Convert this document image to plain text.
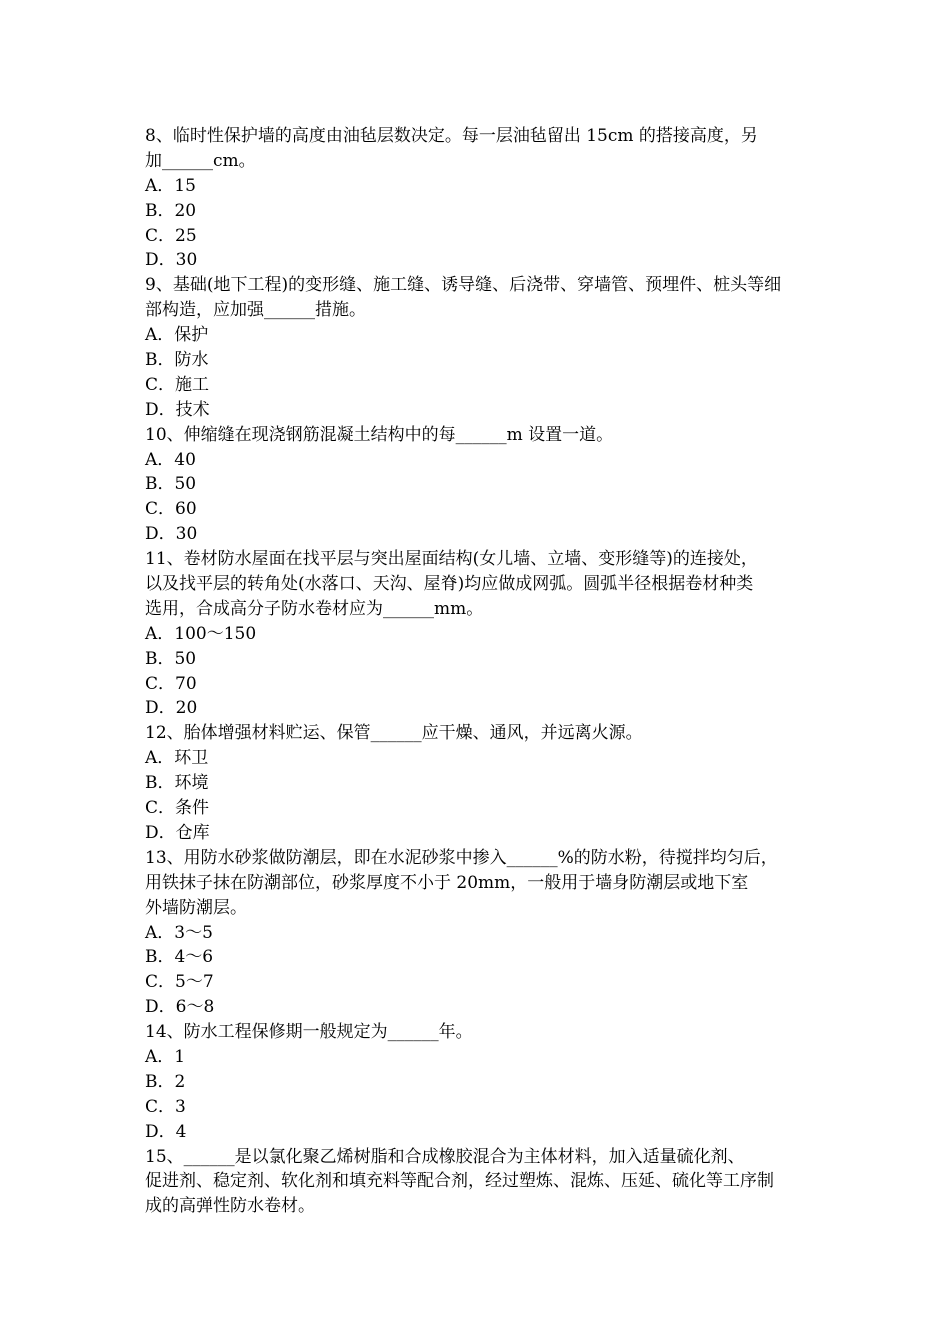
8、临时性保护墙的高度由油毡层数决定。每一层油毡留出 15cm 的搭接高度，另
加______cm。
A．15
B．20
C．25
D．30
9、基础(地下工程)的变形缝、施工缝、诱导缝、后浇带、穿墙管、预埋件、桩头等细
部构造，应加强______措施。
A．保护
B．防水
C．施工
D．技术
10、伸缩缝在现浇钢筋混凝土结构中的每______m 设置一道。
A．40
B．50
C．60
D．30
11、卷材防水屋面在找平层与突出屋面结构(女儿墙、立墙、变形缝等)的连接处，
以及找平层的转角处(水落口、天沟、屋脊)均应做成网弧。圆弧半径根据卷材种类
选用，合成高分子防水卷材应为______mm。
A．100～150
B．50
C．70
D．20
12、胎体增强材料贮运、保管______应干燥、通风，并远离火源。
A．环卫
B．环境
C．条件
D．仓库
13、用防水砂浆做防潮层，即在水泥砂浆中掺入______%的防水粉，待搅拌均匀后，
用铁抹子抹在防潮部位，砂浆厚度不小于 20mm，一般用于墙身防潮层或地下室
外墙防潮层。
A．3～5
B．4～6
C．5～7
D．6～8
14、防水工程保修期一般规定为______年。
A．1
B．2
C．3
D．4
15、______是以氯化聚乙烯树脂和合成橡胶混合为主体材料，加入适量硫化剂、
促进剂、稳定剂、软化剂和填充料等配合剂，经过塑炼、混炼、压延、硫化等工序制
成的高弹性防水卷材。
